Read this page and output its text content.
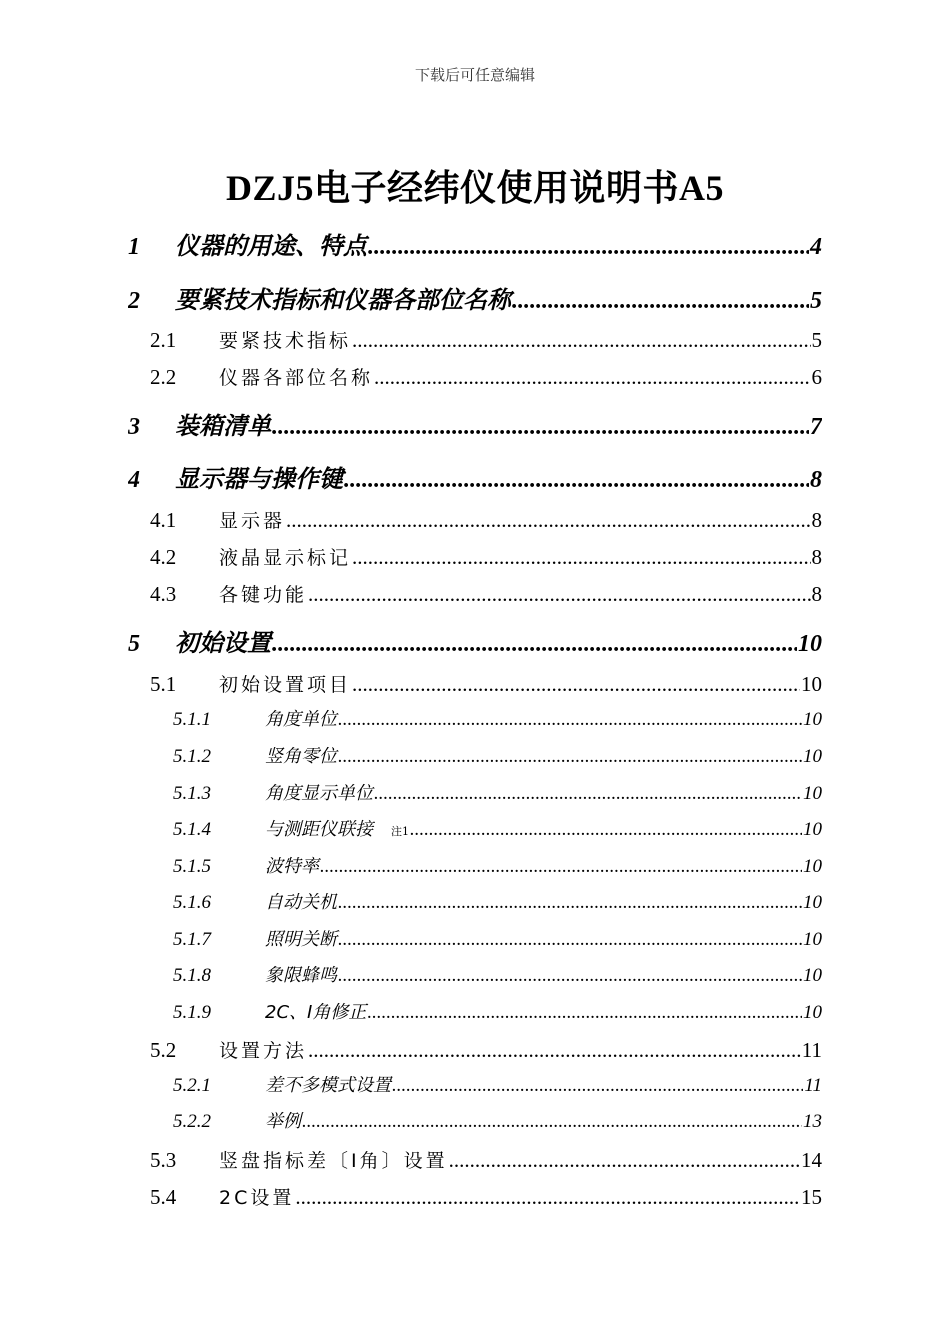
下载后可任意编辑
DZJ5电子经纬仪使用说明书A5
1	仪器的用途、特点 .....	4
2	要紧技术指标和仪器各部位名称 .....	5
2.1	要紧技术指标 .....	5
2.2	仪器各部位名称 .....	6
3	装箱清单 .....	7
4	显示器与操作键 .....	8
4.1	显示器 .....	8
4.2	液晶显示标记 .....	8
4.3	各键功能 .....	8
5	初始设置 .....	10
5.1	初始设置项目 .....	10
5.1.1	角度单位 .....	10
5.1.2	竖角零位 .....	10
5.1.3	角度显示单位 .....	10
5.1.4	与测距仪联接 注1 .....	10
5.1.5	波特率 .....	10
5.1.6	自动关机 .....	10
5.1.7	照明关断 .....	10
5.1.8	象限蜂鸣 .....	10
5.1.9	2C、I角修正 .....	10
5.2	设置方法 .....	11
5.2.1	差不多模式设置 .....	11
5.2.2	举例 .....	13
5.3	竖盘指标差〔I角〕设置 .....	14
5.4	2C设置 .....	15
